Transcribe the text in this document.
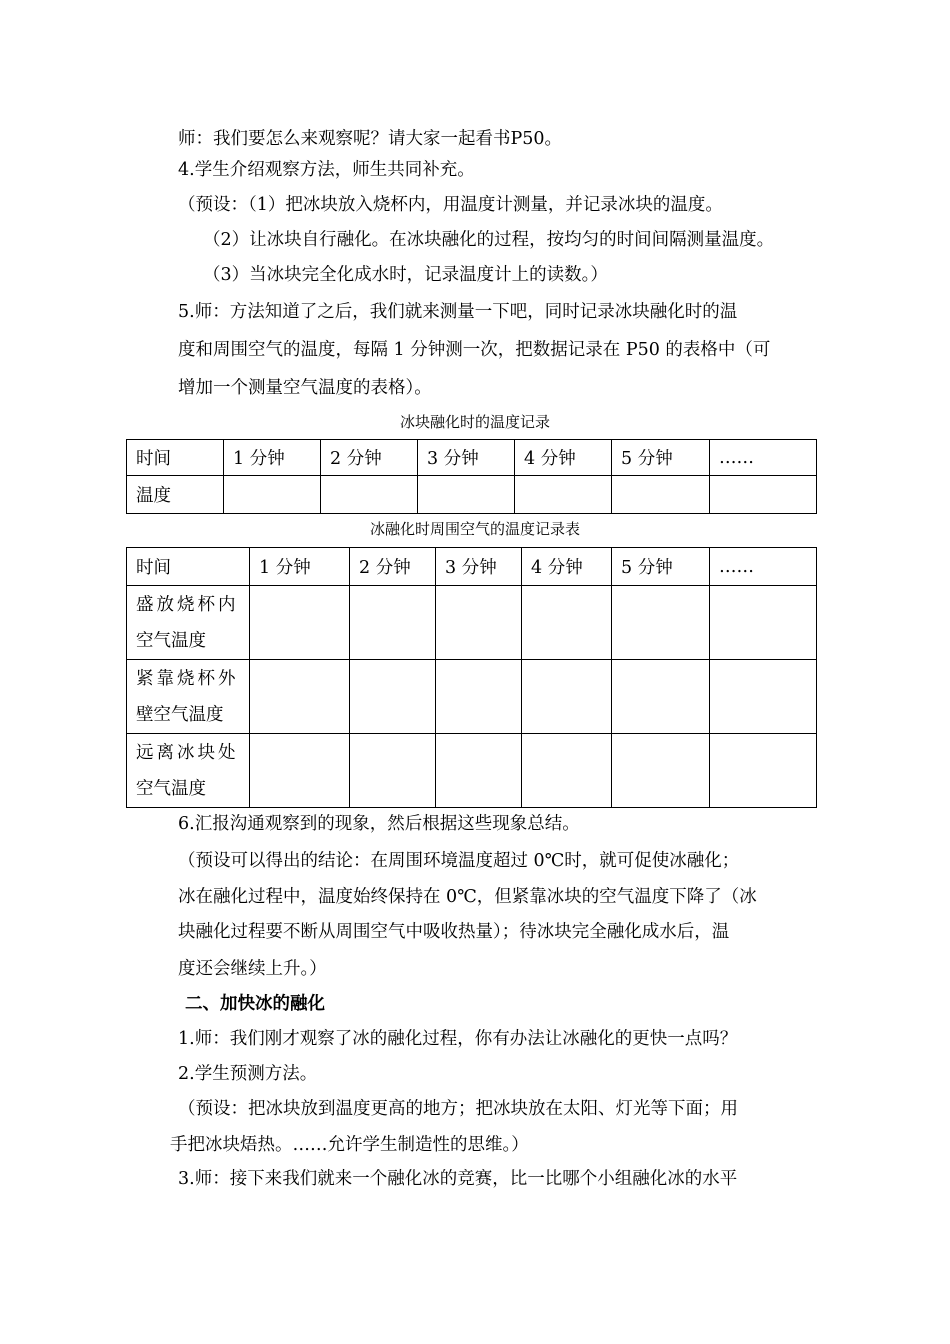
师：我们要怎么来观察呢？请大家一起看书P50。
4.学生介绍观察方法，师生共同补充。
（预设：（1）把冰块放入烧杯内，用温度计测量，并记录冰块的温度。
（2）让冰块自行融化。在冰块融化的过程，按均匀的时间间隔测量温度。
（3）当冰块完全化成水时，记录温度计上的读数。）
5.师：方法知道了之后，我们就来测量一下吧，同时记录冰块融化时的温
度和周围空气的温度，每隔 1 分钟测一次，把数据记录在 P50 的表格中（可
增加一个测量空气温度的表格）。
冰块融化时的温度记录
时间	1 分钟	2 分钟	3 分钟	4 分钟	5 分钟	……
温度						
冰融化时周围空气的温度记录表
时间	1 分钟	2 分钟	3 分钟	4 分钟	5 分钟	……

盛放烧杯内
空气温度						

紧靠烧杯外
壁空气温度						

远离冰块处
空气温度						

6.汇报沟通观察到的现象，然后根据这些现象总结。
（预设可以得出的结论：在周围环境温度超过 0℃时，就可促使冰融化；
冰在融化过程中，温度始终保持在 0℃，但紧靠冰块的空气温度下降了（冰
块融化过程要不断从周围空气中吸收热量）；待冰块完全融化成水后，温
度还会继续上升。）
二、加快冰的融化
1.师：我们刚才观察了冰的融化过程，你有办法让冰融化的更快一点吗？
2.学生预测方法。
（预设：把冰块放到温度更高的地方；把冰块放在太阳、灯光等下面；用
手把冰块焐热。……允许学生制造性的思维。）
3.师：接下来我们就来一个融化冰的竞赛，比一比哪个小组融化冰的水平
